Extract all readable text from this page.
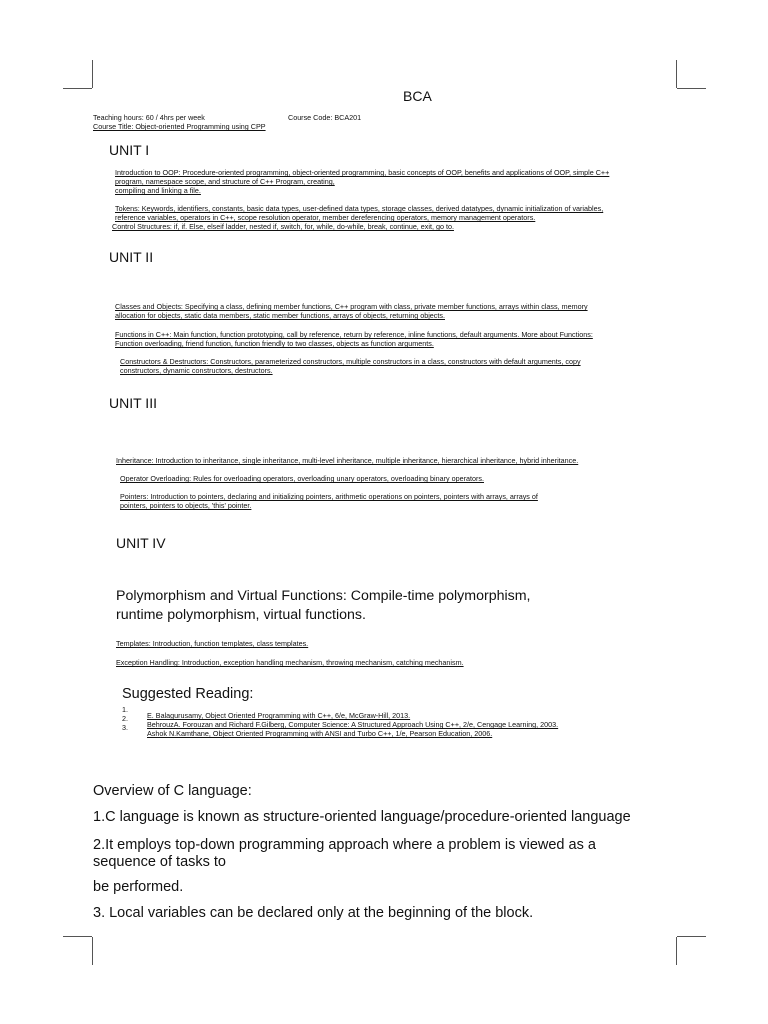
BCA
Teaching hours: 60 / 4hrs per week	Course Code: BCA201
Course Title: Object-oriented Programming using CPP
UNIT I
Introduction to OOP: Procedure-oriented programming, object-oriented programming, basic concepts of OOP, benefits and applications of OOP, simple C++
program, namespace scope, and structure of C++ Program, creating,
compiling and linking a file.
Tokens: Keywords, identifiers, constants, basic data types, user-defined data types, storage classes, derived datatypes, dynamic initialization of variables,
reference variables, operators in C++, scope resolution operator, member dereferencing operators, memory management operators.
Control Structures: if, if. Else, elseif ladder, nested if, switch, for, while, do-while, break, continue, exit, go to.
UNIT II
Classes and Objects: Specifying a class, defining member functions, C++ program with class, private member functions, arrays within class, memory
allocation for objects, static data members, static member functions, arrays of objects, returning objects.
Functions in C++: Main function, function prototyping, call by reference, return by reference, inline functions, default arguments. More about Functions:
Function overloading, friend function, function friendly to two classes, objects as function arguments.
Constructors & Destructors: Constructors, parameterized constructors, multiple constructors in a class, constructors with default arguments, copy
constructors, dynamic constructors, destructors.
UNIT III
Inheritance: Introduction to inheritance, single inheritance, multi-level inheritance, multiple inheritance, hierarchical inheritance, hybrid inheritance.
Operator Overloading: Rules for overloading operators, overloading unary operators, overloading binary operators.
Pointers: Introduction to pointers, declaring and initializing pointers, arithmetic operations on pointers, pointers with arrays, arrays of
pointers, pointers to objects, 'this' pointer.
UNIT IV
Polymorphism and Virtual Functions: Compile-time polymorphism,
runtime polymorphism, virtual functions.
Templates: Introduction, function templates, class templates.
Exception Handling: Introduction, exception handling mechanism, throwing mechanism, catching mechanism.
Suggested Reading:
1.
2.
3.
E. Balagurusamy, Object Oriented Programming with C++, 6/e, McGraw-Hill, 2013.
BehrouzA. Forouzan and Richard F.Gilberg, Computer Science: A Structured Approach Using C++, 2/e, Cengage Learning, 2003.
Ashok N.Kamthane, Object Oriented Programming with ANSI and Turbo C++, 1/e, Pearson Education, 2006.
Overview of C language:
1.C language is known as structure-oriented language/procedure-oriented language
2.It employs top-down programming approach where a problem is viewed as a
sequence of tasks to
be performed.
3. Local variables can be declared only at the beginning of the block.
